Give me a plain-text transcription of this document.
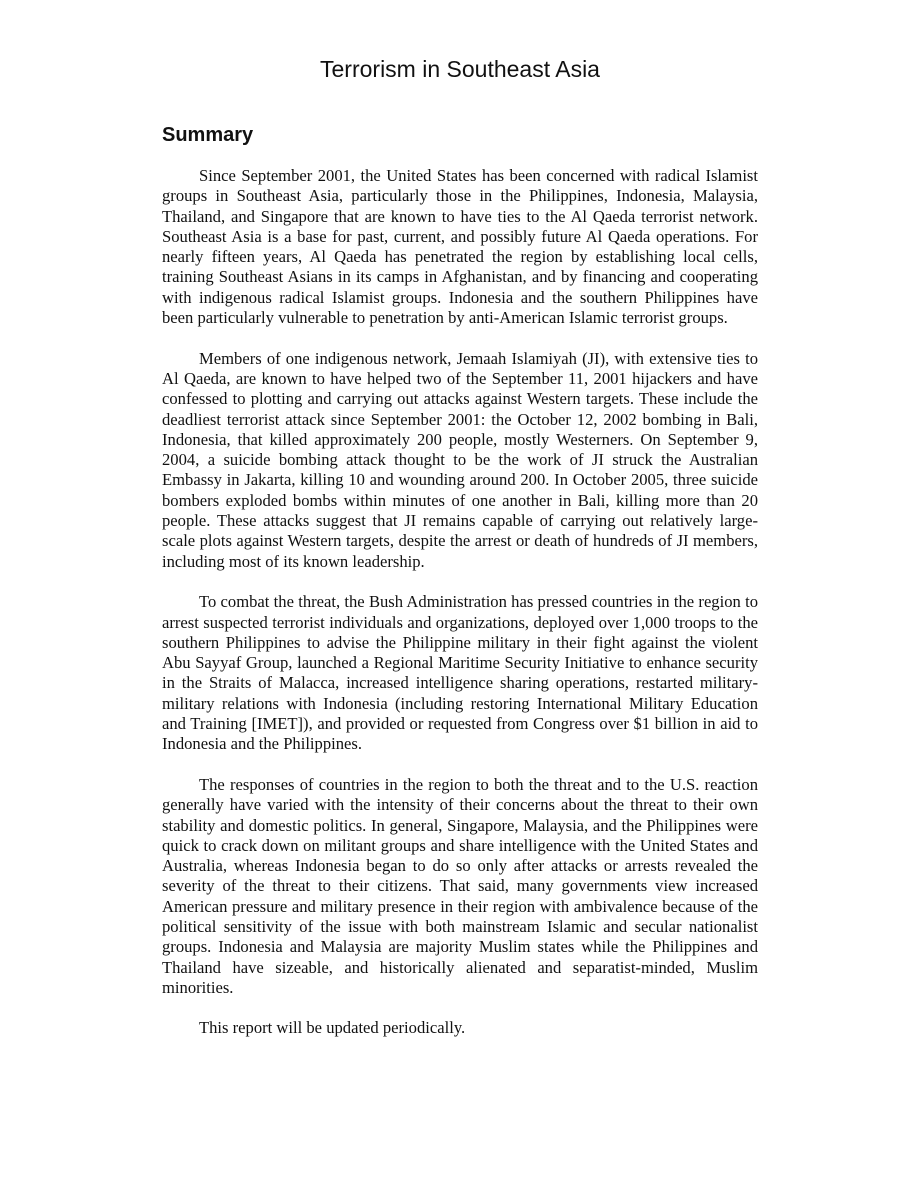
Terrorism in Southeast Asia
Summary

Since September 2001, the United States has been concerned with radical Islamist groups in Southeast Asia, particularly those in the Philippines, Indonesia, Malaysia, Thailand, and Singapore that are known to have ties to the Al Qaeda terrorist network. Southeast Asia is a base for past, current, and possibly future Al Qaeda operations. For nearly fifteen years, Al Qaeda has penetrated the region by establishing local cells, training Southeast Asians in its camps in Afghanistan, and by financing and cooperating with indigenous radical Islamist groups. Indonesia and the southern Philippines have been particularly vulnerable to penetration by anti-American Islamic terrorist groups.

Members of one indigenous network, Jemaah Islamiyah (JI), with extensive ties to Al Qaeda, are known to have helped two of the September 11, 2001 hijackers and have confessed to plotting and carrying out attacks against Western targets. These include the deadliest terrorist attack since September 2001: the October 12, 2002 bombing in Bali, Indonesia, that killed approximately 200 people, mostly Westerners. On September 9, 2004, a suicide bombing attack thought to be the work of JI struck the Australian Embassy in Jakarta, killing 10 and wounding around 200. In October 2005, three suicide bombers exploded bombs within minutes of one another in Bali, killing more than 20 people. These attacks suggest that JI remains capable of carrying out relatively large-scale plots against Western targets, despite the arrest or death of hundreds of JI members, including most of its known leadership.

To combat the threat, the Bush Administration has pressed countries in the region to arrest suspected terrorist individuals and organizations, deployed over 1,000 troops to the southern Philippines to advise the Philippine military in their fight against the violent Abu Sayyaf Group, launched a Regional Maritime Security Initiative to enhance security in the Straits of Malacca, increased intelligence sharing operations, restarted military-military relations with Indonesia (including restoring International Military Education and Training [IMET]), and provided or requested from Congress over $1 billion in aid to Indonesia and the Philippines.

The responses of countries in the region to both the threat and to the U.S. reaction generally have varied with the intensity of their concerns about the threat to their own stability and domestic politics. In general, Singapore, Malaysia, and the Philippines were quick to crack down on militant groups and share intelligence with the United States and Australia, whereas Indonesia began to do so only after attacks or arrests revealed the severity of the threat to their citizens. That said, many governments view increased American pressure and military presence in their region with ambivalence because of the political sensitivity of the issue with both mainstream Islamic and secular nationalist groups. Indonesia and Malaysia are majority Muslim states while the Philippines and Thailand have sizeable, and historically alienated and separatist-minded, Muslim minorities.

This report will be updated periodically.
